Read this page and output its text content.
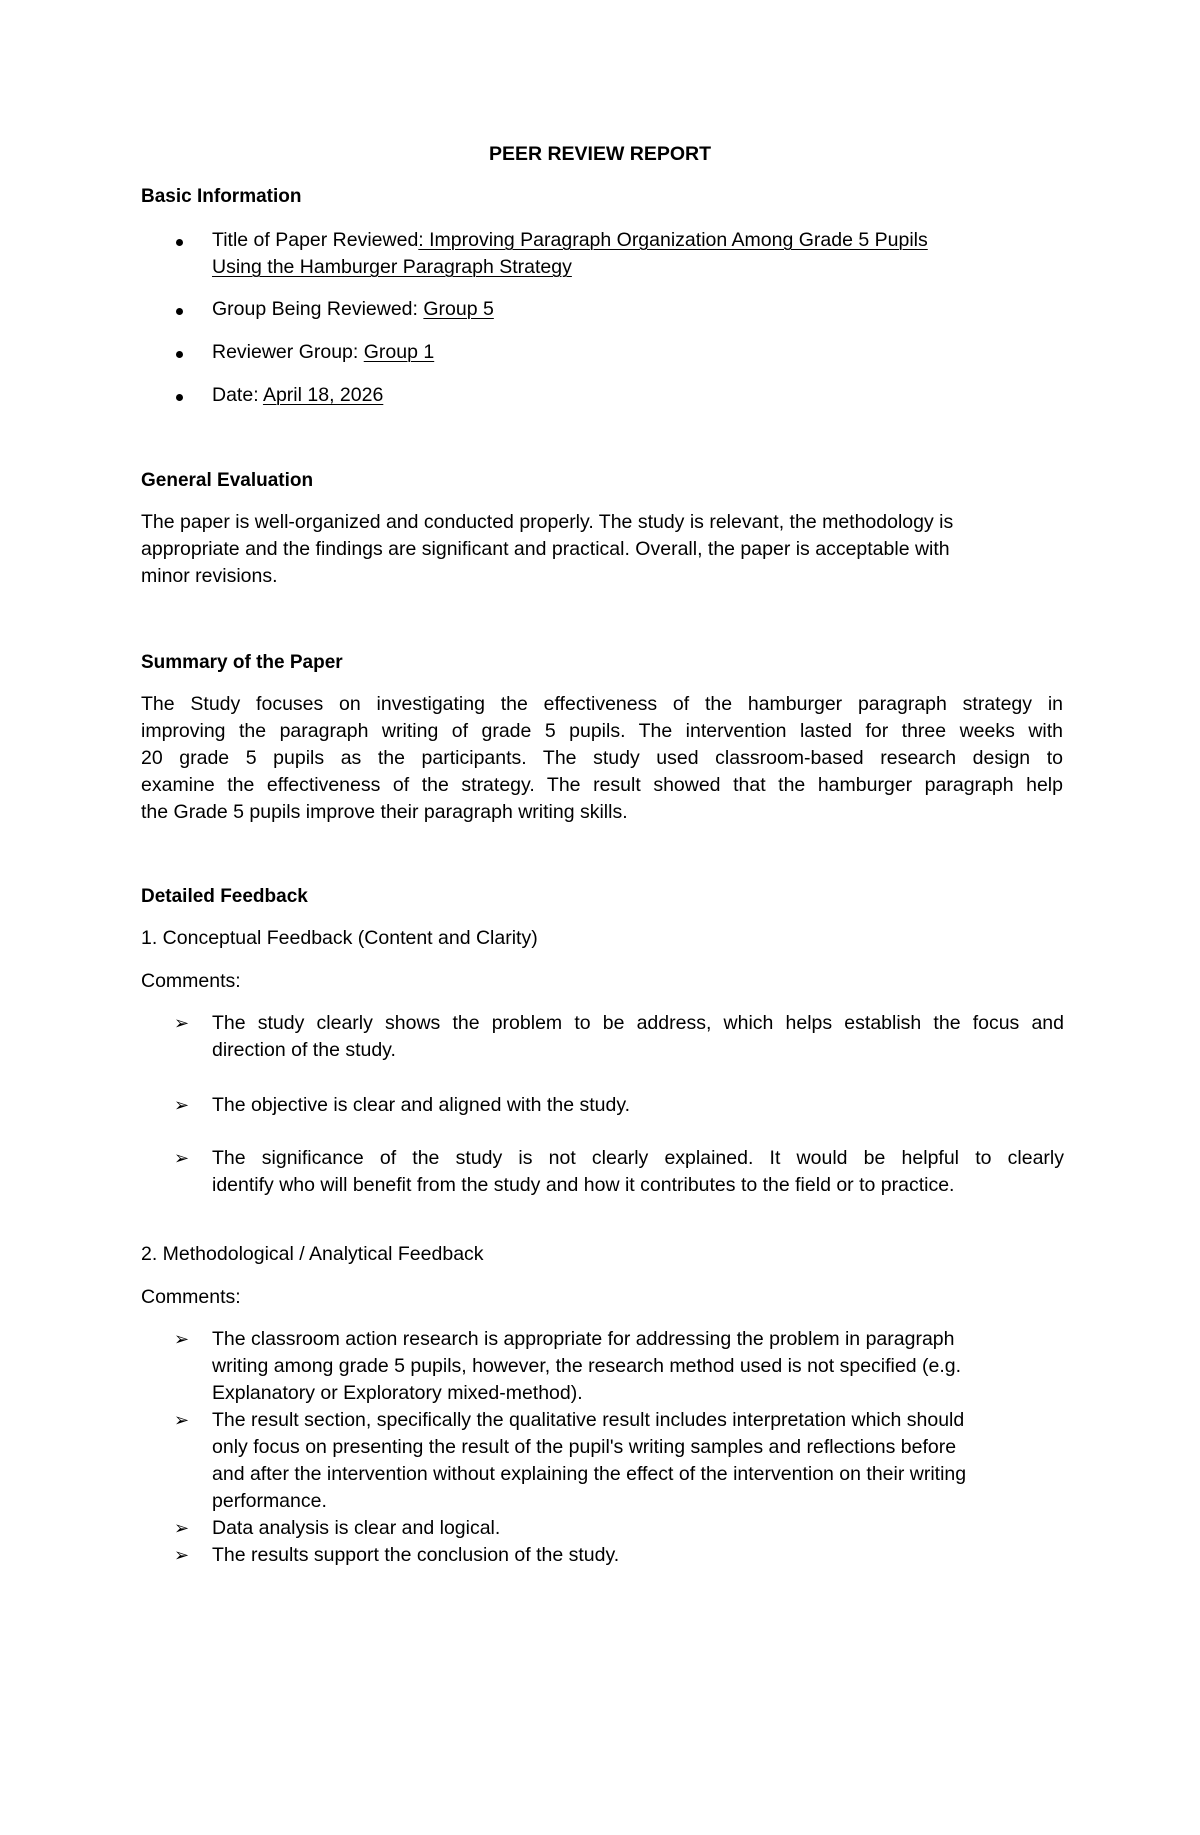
PEER REVIEW REPORT

Basic Information

Title of Paper Reviewed: Improving Paragraph Organization Among Grade 5 Pupils
Using the Hamburger Paragraph Strategy

Group Being Reviewed: Group 5

Reviewer Group: Group 1

Date: April 18, 2026

General Evaluation

The paper is well-organized and conducted properly. The study is relevant, the methodology is
appropriate and the findings are significant and practical. Overall, the paper is acceptable with
minor revisions.

Summary of the Paper

The Study focuses on investigating the effectiveness of the hamburger paragraph strategy in
improving the paragraph writing of grade 5 pupils. The intervention lasted for three weeks with
20 grade 5 pupils as the participants. The study used classroom-based research design to
examine the effectiveness of the strategy. The result showed that the hamburger paragraph help
the Grade 5 pupils improve their paragraph writing skills.

Detailed Feedback

1. Conceptual Feedback (Content and Clarity)

Comments:

➢	The study clearly shows the problem to be address, which helps establish the focus and
direction of the study.
➢	The objective is clear and aligned with the study.
➢	The significance of the study is not clearly explained. It would be helpful to clearly
identify who will benefit from the study and how it contributes to the field or to practice.

2. Methodological / Analytical Feedback

Comments:

➢	The classroom action research is appropriate for addressing the problem in paragraph
writing among grade 5 pupils, however, the research method used is not specified (e.g.
Explanatory or Exploratory mixed-method).
➢	The result section, specifically the qualitative result includes interpretation which should
only focus on presenting the result of the pupil's writing samples and reflections before
and after the intervention without explaining the effect of the intervention on their writing
performance.
➢	Data analysis is clear and logical.
➢	The results support the conclusion of the study.
